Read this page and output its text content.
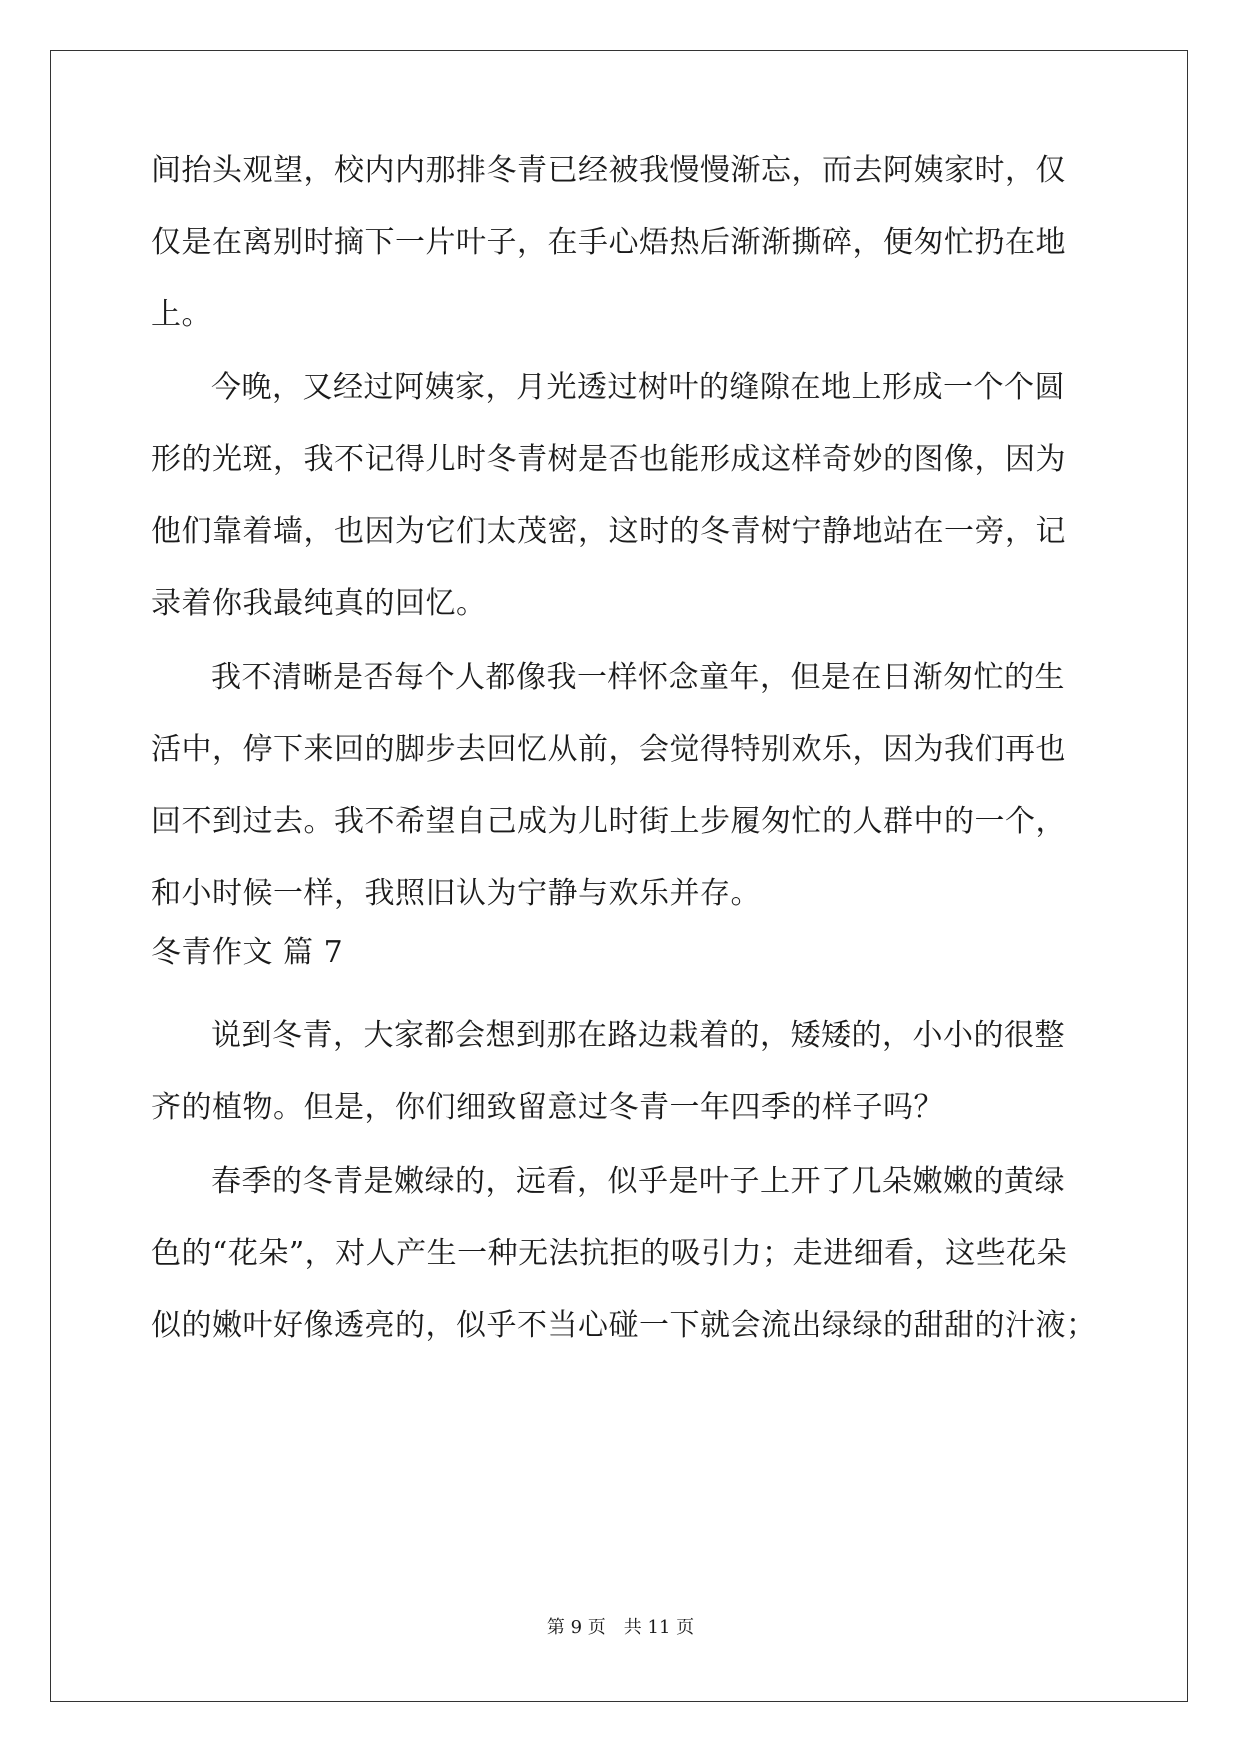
间抬头观望，校内内那排冬青已经被我慢慢渐忘，而去阿姨家时，仅
仅是在离别时摘下一片叶子，在手心焐热后渐渐撕碎，便匆忙扔在地
上。
今晚，又经过阿姨家，月光透过树叶的缝隙在地上形成一个个圆
形的光斑，我不记得儿时冬青树是否也能形成这样奇妙的图像，因为
他们靠着墙，也因为它们太茂密，这时的冬青树宁静地站在一旁，记
录着你我最纯真的回忆。
我不清晰是否每个人都像我一样怀念童年，但是在日渐匆忙的生
活中，停下来回的脚步去回忆从前，会觉得特别欢乐，因为我们再也
回不到过去。我不希望自己成为儿时街上步履匆忙的人群中的一个，
和小时候一样，我照旧认为宁静与欢乐并存。
冬青作文 篇 7
说到冬青，大家都会想到那在路边栽着的，矮矮的，小小的很整
齐的植物。但是，你们细致留意过冬青一年四季的样子吗？
春季的冬青是嫩绿的，远看，似乎是叶子上开了几朵嫩嫩的黄绿
色的“花朵”，对人产生一种无法抗拒的吸引力；走进细看，这些花朵
似的嫩叶好像透亮的，似乎不当心碰一下就会流出绿绿的甜甜的汁液；
第 9 页　共 11 页
